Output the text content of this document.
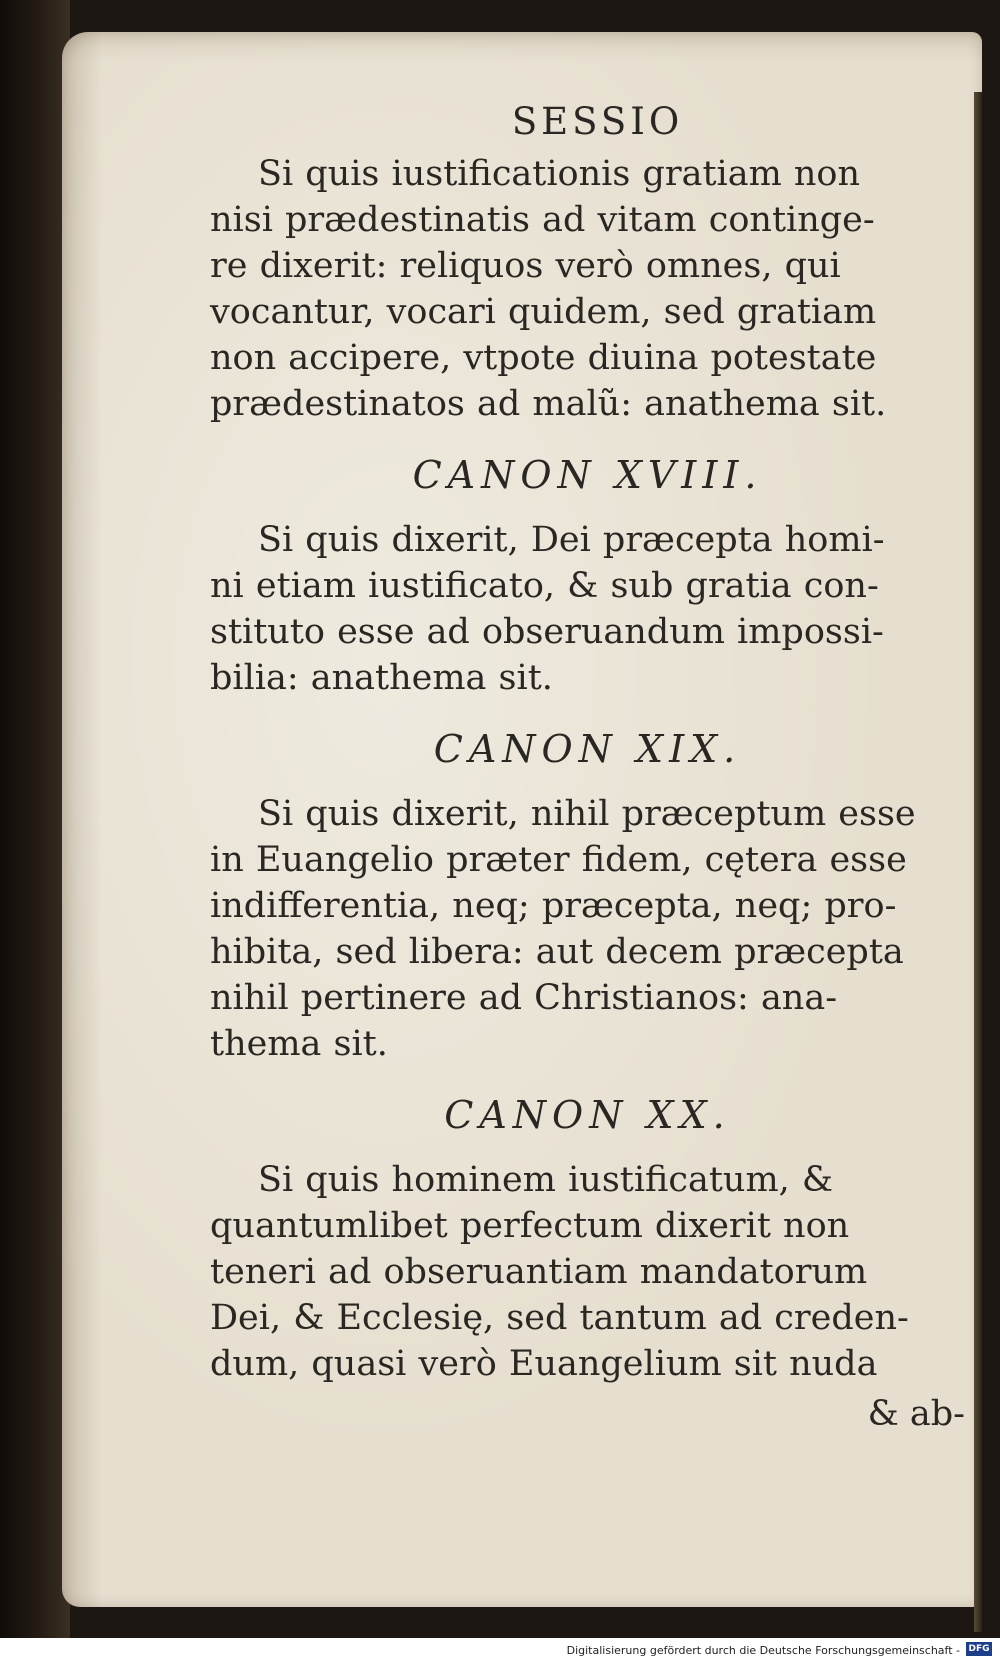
SESSIO

Si quis iustificationis gratiam non
nisi prædestinatis ad vitam continge-
re dixerit: reliquos verò omnes, qui
vocantur, vocari quidem, sed gratiam
non accipere, vtpote diuina potestate
prædestinatos ad malũ: anathema sit.

CANON XVIII.

Si quis dixerit, Dei præcepta homi-
ni etiam iustificato, & sub gratia con-
stituto esse ad obseruandum impossi-
bilia: anathema sit.

CANON XIX.

Si quis dixerit, nihil præceptum esse
in Euangelio præter fidem, cętera esse
indifferentia, neq; præcepta, neq; pro-
hibita, sed libera: aut decem præcepta
nihil pertinere ad Christianos: ana-
thema sit.

CANON XX.

Si quis hominem iustificatum, &
quantumlibet perfectum dixerit non
teneri ad obseruantiam mandatorum
Dei, & Ecclesię, sed tantum ad creden-
dum, quasi verò Euangelium sit nuda

& ab-
Digitalisierung gefördert durch die Deutsche Forschungsgemeinschaft - DFG
